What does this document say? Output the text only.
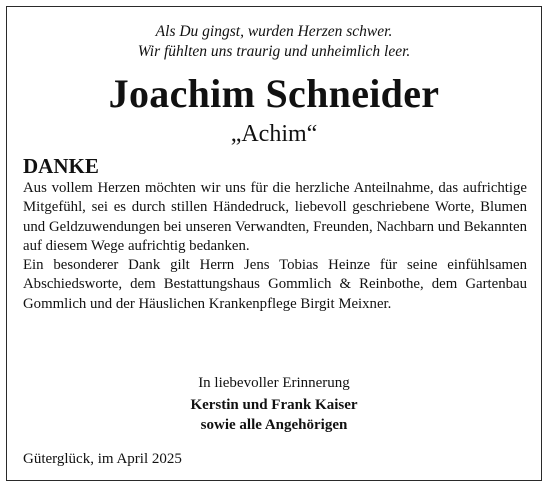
Als Du gingst, wurden Herzen schwer.
Wir fühlten uns traurig und unheimlich leer.
Joachim Schneider
„Achim“
DANKE

Aus vollem Herzen möchten wir uns für die herzliche Anteilnahme, das aufrichtige Mitgefühl, sei es durch stillen Händedruck, liebevoll geschriebene Worte, Blumen und Geldzuwendungen bei unseren Verwandten, Freunden, Nachbarn und Bekannten auf diesem Wege aufrichtig bedanken.

Ein besonderer Dank gilt Herrn Jens Tobias Heinze für seine einfühlsamen Abschiedsworte, dem Bestattungshaus Gommlich & Reinbothe, dem Gartenbau Gommlich und der Häuslichen Krankenpflege Birgit Meixner.

In liebevoller Erinnerung
Kerstin und Frank Kaiser
sowie alle Angehörigen
Güterglück, im April 2025
